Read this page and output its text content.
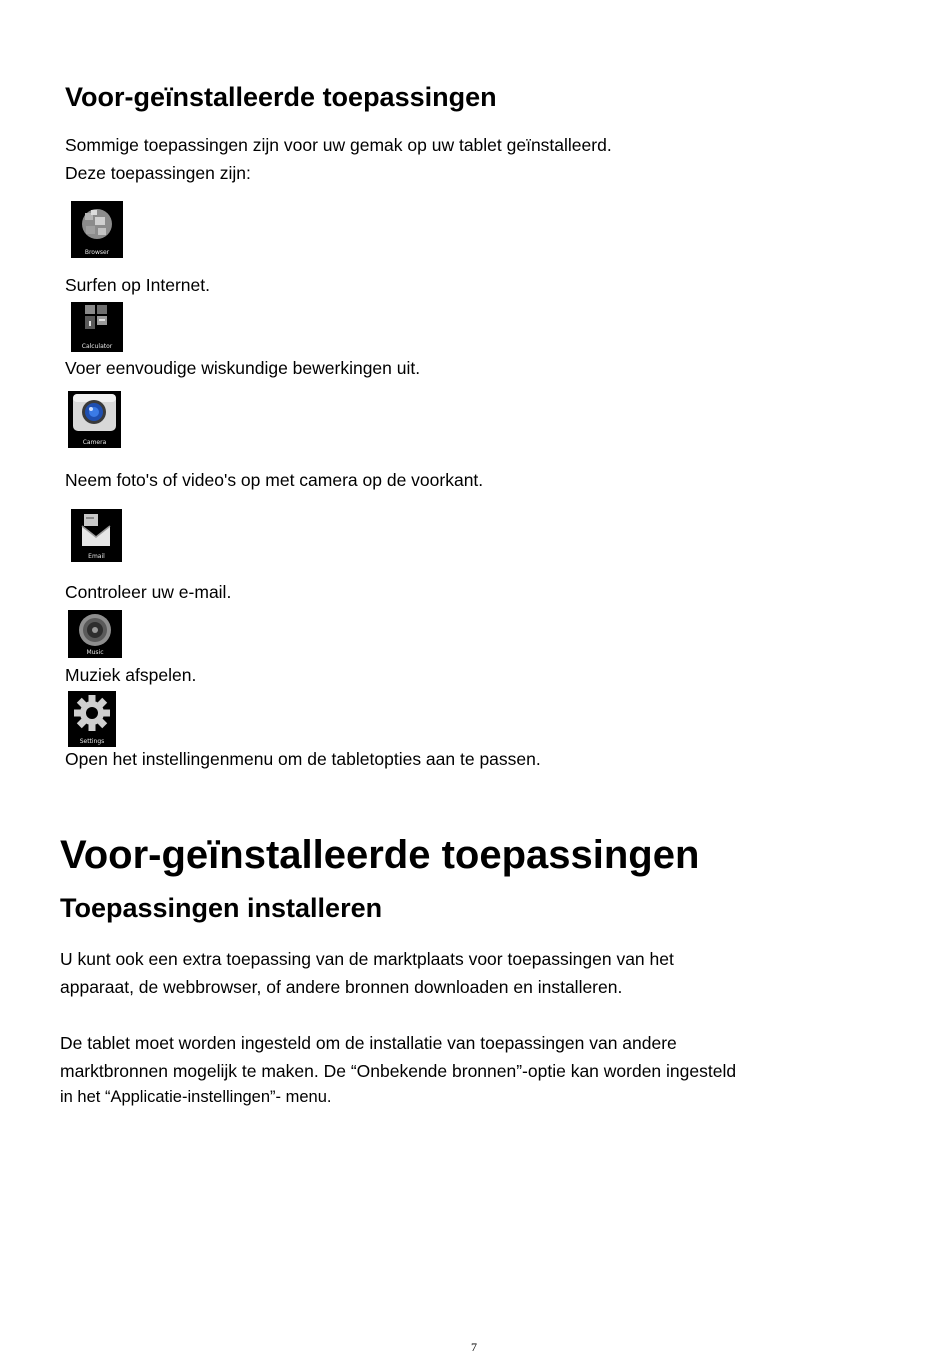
Voor-geïnstalleerde toepassingen
Sommige toepassingen zijn voor uw gemak op uw tablet geïnstalleerd.
Deze toepassingen zijn:
Browser
Surfen op Internet.
Calculator
Voer eenvoudige wiskundige bewerkingen uit.
Camera
Neem foto's of video's op met camera op de voorkant.
Email
Controleer uw e-mail.
Music
Muziek afspelen.
Settings
Open het instellingenmenu om de tabletopties aan te passen.
Voor-geïnstalleerde toepassingen
Toepassingen installeren
U kunt ook een extra toepassing van de marktplaats voor toepassingen van het
apparaat, de webbrowser, of andere bronnen downloaden en installeren.
De tablet moet worden ingesteld om de installatie van toepassingen van andere
marktbronnen mogelijk te maken. De “Onbekende bronnen”-optie kan worden ingesteld
in het “Applicatie-instellingen”- menu.
7
